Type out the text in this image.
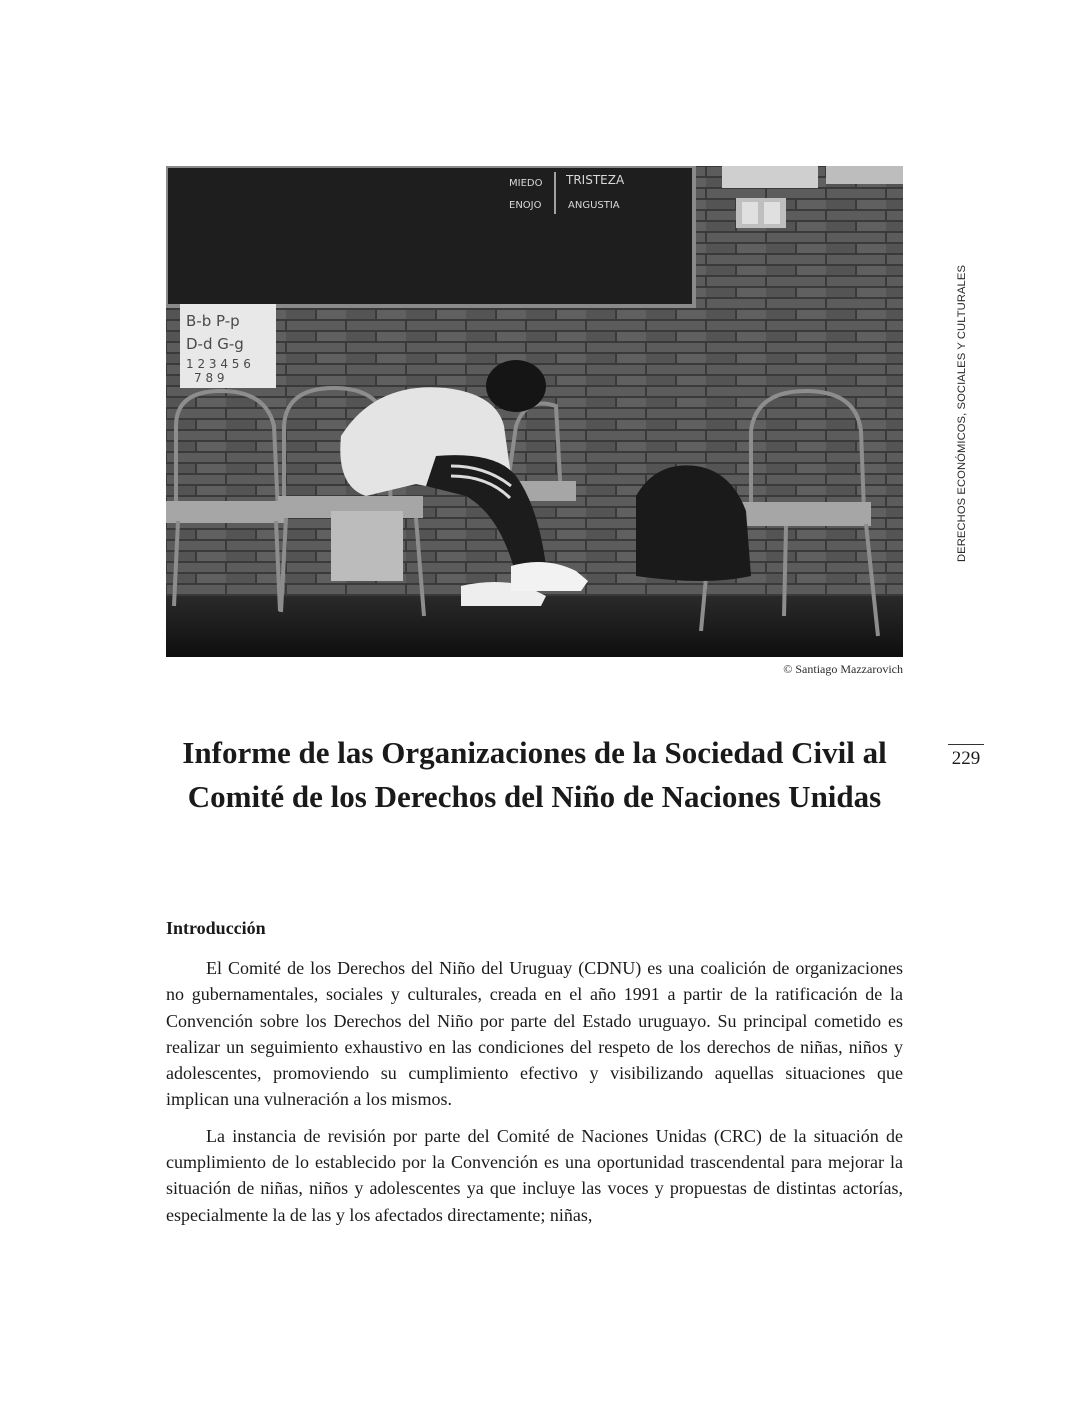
MIEDO
ENOJO
TRISTEZA
ANGUSTIA
B-b P-p
D-d G-g
1 2 3 4 5 6
7 8 9
© Santiago Mazzarovich
DERECHOS ECONÓMICOS, SOCIALES Y CULTURALES
229
Informe de las Organizaciones de la Sociedad Civil al Comité de los Derechos del Niño de Naciones Unidas
Introducción

El Comité de los Derechos del Niño del Uruguay (CDNU) es una coalición de organizaciones no gubernamentales, sociales y culturales, creada en el año 1991 a partir de la ratificación de la Convención sobre los Derechos del Niño por parte del Estado uruguayo. Su principal cometido es realizar un seguimiento exhaustivo en las condiciones del respeto de los derechos de niñas, niños y adolescentes, promoviendo su cumplimiento efectivo y visibilizando aquellas situaciones que implican una vulneración a los mismos.

La instancia de revisión por parte del Comité de Naciones Unidas (CRC) de la situación de cumplimiento de lo establecido por la Convención es una oportunidad trascendental para mejorar la situación de niñas, niños y adolescentes ya que incluye las voces y propuestas de distintas actorías, especialmente la de las y los afectados directamente; niñas,
